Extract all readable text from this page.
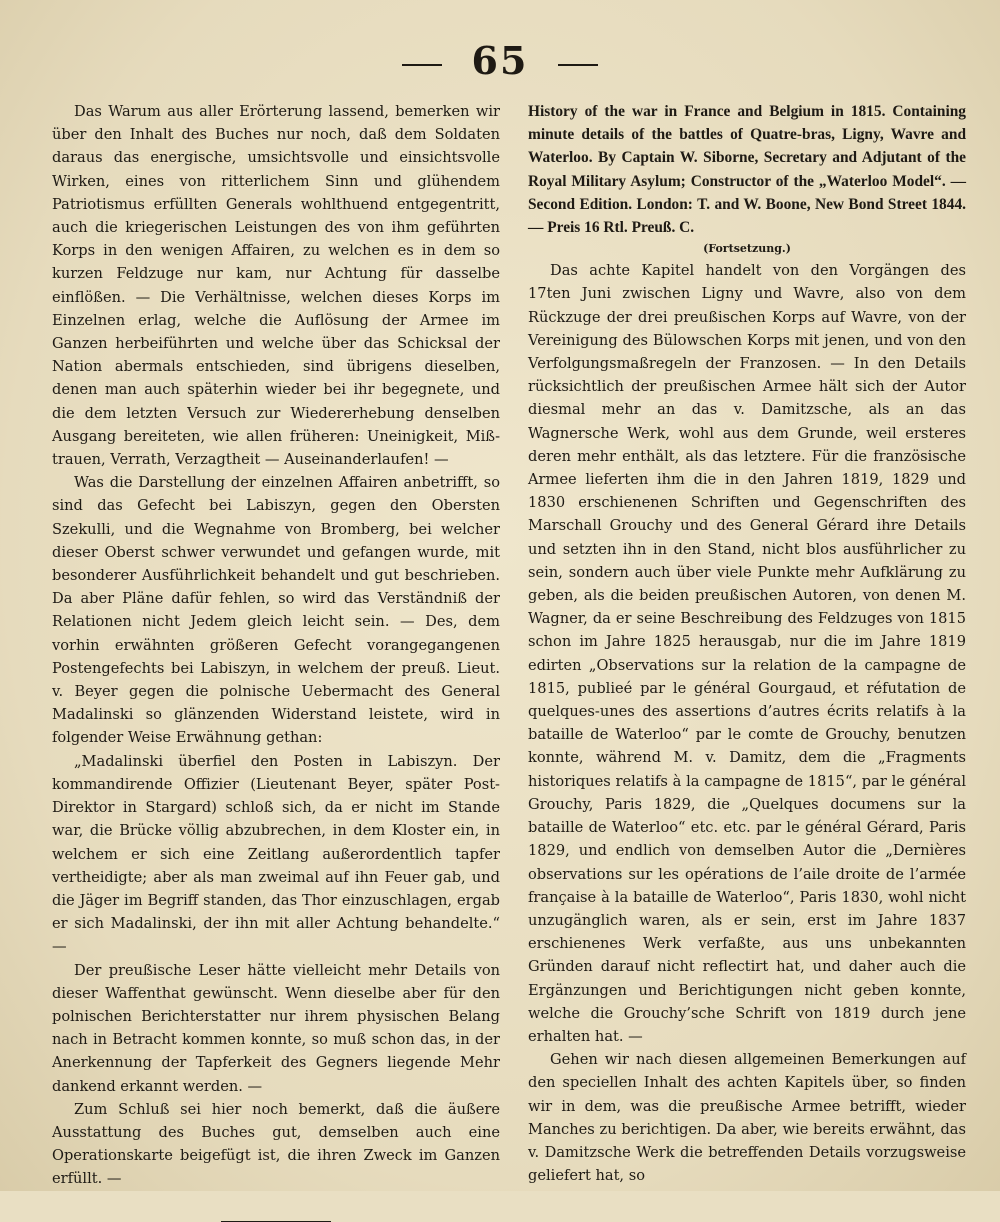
65

Das Warum aus aller Erörterung lassend, bemerken wir über den Inhalt des Buches nur noch, daß dem Soldaten daraus das energische, umsichtsvolle und einsichtsvolle Wirken, eines von ritterlichem Sinn und glühendem Patriotismus erfüllten Generals wohlthuend entgegentritt, auch die kriegerischen Leistungen des von ihm geführten Korps in den wenigen Affairen, zu welchen es in dem so kurzen Feldzuge nur kam, nur Achtung für dasselbe einflößen. — Die Verhältnisse, welchen dieses Korps im Einzelnen erlag, welche die Auflösung der Armee im Ganzen herbeiführten und welche über das Schicksal der Nation abermals entschieden, sind übrigens dieselben, denen man auch späterhin wieder bei ihr begegnete, und die dem letzten Versuch zur Wiedererhebung denselben Ausgang bereiteten, wie allen früheren: Uneinigkeit, Mißtrauen, Verrath, Verzagtheit — Auseinanderlaufen! —

Was die Darstellung der einzelnen Affairen anbetrifft, so sind das Gefecht bei Labiszyn, gegen den Obersten Szekulli, und die Wegnahme von Bromberg, bei welcher dieser Oberst schwer verwundet und gefangen wurde, mit besonderer Ausführlichkeit behandelt und gut beschrieben. Da aber Pläne dafür fehlen, so wird das Verständniß der Relationen nicht Jedem gleich leicht sein. — Des, dem vorhin erwähnten größeren Gefecht vorangegangenen Postengefechts bei Labiszyn, in welchem der preuß. Lieut. v. Beyer gegen die polnische Uebermacht des General Madalinski so glänzenden Widerstand leistete, wird in folgender Weise Erwähnung gethan:

„Madalinski überfiel den Posten in Labiszyn. Der kommandirende Offizier (Lieutenant Beyer, später Post-Direktor in Stargard) schloß sich, da er nicht im Stande war, die Brücke völlig abzubrechen, in dem Kloster ein, in welchem er sich eine Zeitlang außerordentlich tapfer vertheidigte; aber als man zweimal auf ihn Feuer gab, und die Jäger im Begriff standen, das Thor einzuschlagen, ergab er sich Madalinski, der ihn mit aller Achtung behandelte.“ —

Der preußische Leser hätte vielleicht mehr Details von dieser Waffenthat gewünscht. Wenn dieselbe aber für den polnischen Berichterstatter nur ihrem physischen Belang nach in Betracht kommen konnte, so muß schon das, in der Anerkennung der Tapferkeit des Gegners liegende Mehr dankend erkannt werden. —

Zum Schluß sei hier noch bemerkt, daß die äußere Ausstattung des Buches gut, demselben auch eine Operationskarte beigefügt ist, die ihren Zweck im Ganzen erfüllt. —

History of the war in France and Belgium in 1815. Containing minute details of the battles of Quatre-bras, Ligny, Wavre and Waterloo. By Captain W. Siborne, Secretary and Adjutant of the Royal Military Asylum; Constructor of the „Waterloo Model“. — Second Edition. London: T. and W. Boone, New Bond Street 1844. — Preis 16 Rtl. Preuß. C.
(Fortsetzung.)

Das achte Kapitel handelt von den Vorgängen des 17ten Juni zwischen Ligny und Wavre, also von dem Rückzuge der drei preußischen Korps auf Wavre, von der Vereinigung des Bülowschen Korps mit jenen, und von den Verfolgungsmaßregeln der Franzosen. — In den Details rücksichtlich der preußischen Armee hält sich der Autor diesmal mehr an das v. Damitzsche, als an das Wagnersche Werk, wohl aus dem Grunde, weil ersteres deren mehr enthält, als das letztere. Für die französische Armee lieferten ihm die in den Jahren 1819, 1829 und 1830 erschienenen Schriften und Gegenschriften des Marschall Grouchy und des General Gérard ihre Details und setzten ihn in den Stand, nicht blos ausführlicher zu sein, sondern auch über viele Punkte mehr Aufklärung zu geben, als die beiden preußischen Autoren, von denen M. Wagner, da er seine Beschreibung des Feldzuges von 1815 schon im Jahre 1825 herausgab, nur die im Jahre 1819 edirten „Observations sur la relation de la campagne de 1815, publieé par le général Gourgaud, et réfutation de quelques-unes des assertions d’autres écrits relatifs à la bataille de Waterloo“ par le comte de Grouchy, benutzen konnte, während M. v. Damitz, dem die „Fragments historiques relatifs à la campagne de 1815“, par le général Grouchy, Paris 1829, die „Quelques documens sur la bataille de Waterloo“ etc. etc. par le général Gérard, Paris 1829, und endlich von demselben Autor die „Dernières observations sur les opérations de l’aile droite de l’armée française à la bataille de Waterloo“, Paris 1830, wohl nicht unzugänglich waren, als er sein, erst im Jahre 1837 erschienenes Werk verfaßte, aus uns unbekannten Gründen darauf nicht reflectirt hat, und daher auch die Ergänzungen und Berichtigungen nicht geben konnte, welche die Grouchy’sche Schrift von 1819 durch jene erhalten hat. —

Gehen wir nach diesen allgemeinen Bemerkungen auf den speciellen Inhalt des achten Kapitels über, so finden wir in dem, was die preußische Armee betrifft, wieder Manches zu berichtigen. Da aber, wie bereits erwähnt, das v. Damitzsche Werk die betreffenden Details vorzugsweise geliefert hat, so
